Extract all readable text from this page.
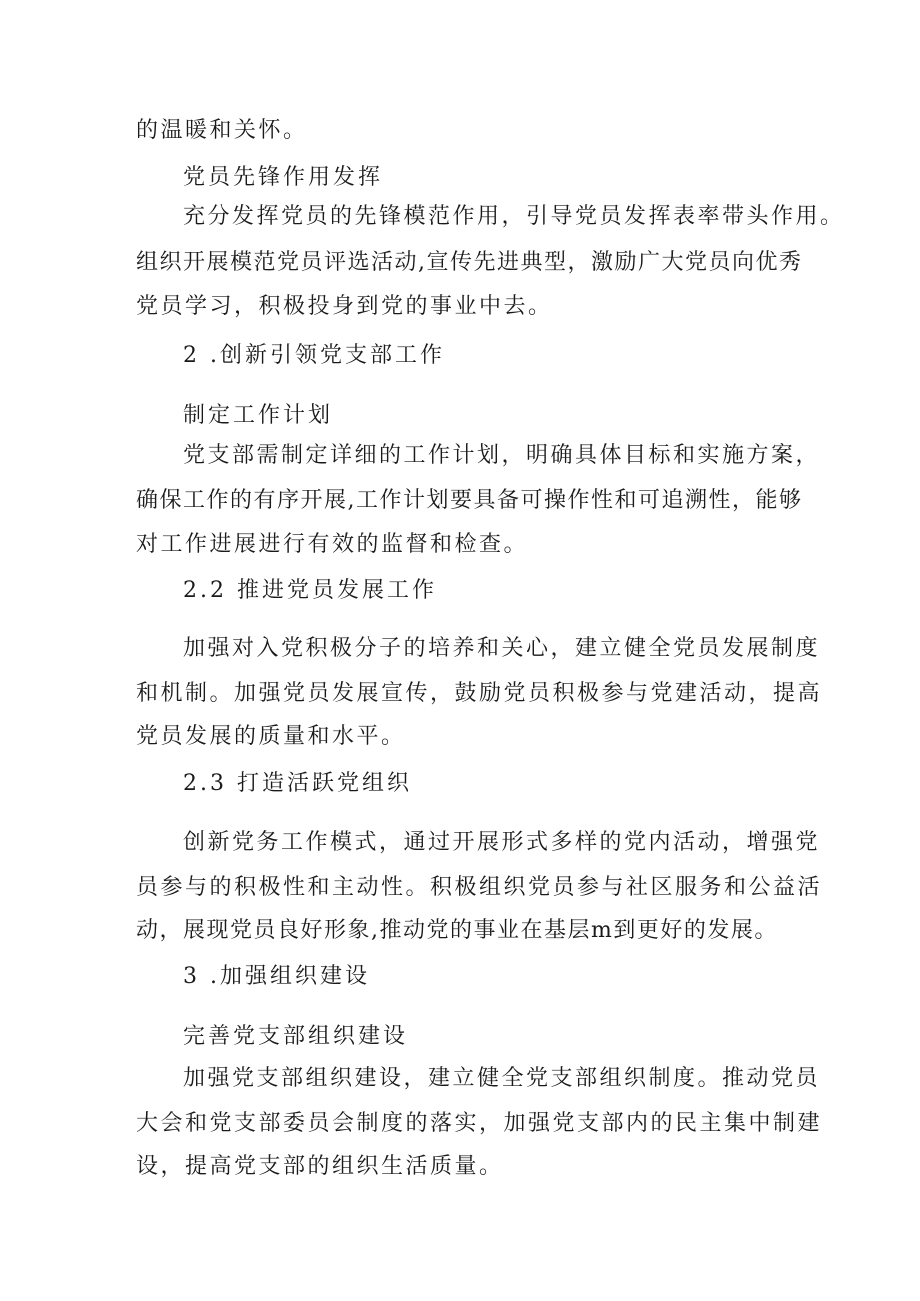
的温暖和关怀。
党员先锋作用发挥
充分发挥党员的先锋模范作用，引导党员发挥表率带头作用。
组织开展模范党员评选活动,宣传先进典型，激励广大党员向优秀
党员学习，积极投身到党的事业中去。
2 .创新引领党支部工作
制定工作计划
党支部需制定详细的工作计划，明确具体目标和实施方案，
确保工作的有序开展,工作计划要具备可操作性和可追溯性，能够
对工作进展进行有效的监督和检查。
2.2 推进党员发展工作
加强对入党积极分子的培养和关心，建立健全党员发展制度
和机制。加强党员发展宣传，鼓励党员积极参与党建活动，提高
党员发展的质量和水平。
2.3 打造活跃党组织
创新党务工作模式，通过开展形式多样的党内活动，增强党
员参与的积极性和主动性。积极组织党员参与社区服务和公益活
动，展现党员良好形象,推动党的事业在基层m到更好的发展。
3 .加强组织建设
完善党支部组织建设
加强党支部组织建设，建立健全党支部组织制度。推动党员
大会和党支部委员会制度的落实，加强党支部内的民主集中制建
设，提高党支部的组织生活质量。
